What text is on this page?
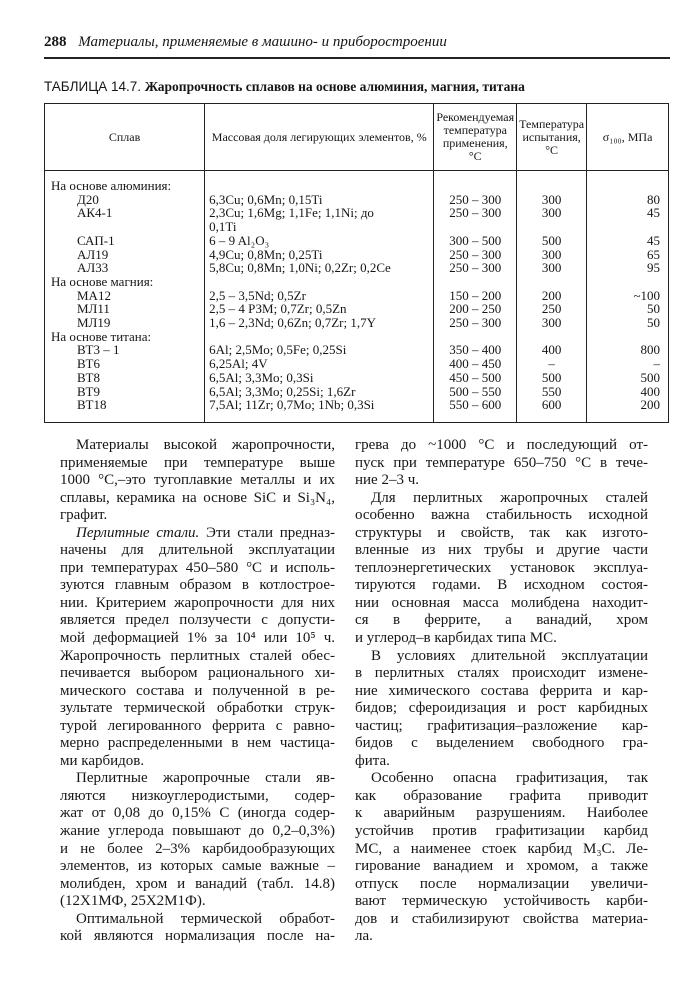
288 Материалы, применяемые в машино- и приборостроении
ТАБЛИЦА 14.7. Жаропрочность сплавов на основе алюминия, магния, титана
Сплав	Массовая доля легирующих элементов, %	Рекомендуемая температура применения, °С	Температура испытания, °С	σ₁₀₀, МПа
На основе алюминия:				
Д20	6,3Cu; 0,6Mn; 0,15Ti	250 – 300	300	80
АК4-1	2,3Cu; 1,6Mg; 1,1Fe; 1,1Ni; до	250 – 300	300	45
	0,1Ti			
САП-1	6 – 9 Al₂O₃	300 – 500	500	45
АЛ19	4,9Cu; 0,8Mn; 0,25Ti	250 – 300	300	65
АЛ33	5,8Cu; 0,8Mn; 1,0Ni; 0,2Zr; 0,2Ce	250 – 300	300	95
На основе магния:				
МА12	2,5 – 3,5Nd; 0,5Zr	150 – 200	200	~100
МЛ11	2,5 – 4 РЗМ; 0,7Zr; 0,5Zn	200 – 250	250	50
МЛ19	1,6 – 2,3Nd; 0,6Zn; 0,7Zr; 1,7Y	250 – 300	300	50
На основе титана:				
ВТ3 – 1	6Al; 2,5Mo; 0,5Fe; 0,25Si	350 – 400	400	800
ВТ6	6,25Al; 4V	400 – 450	–	–
ВТ8	6,5Al; 3,3Mo; 0,3Si	450 – 500	500	500
ВТ9	6,5Al; 3,3Mo; 0,25Si; 1,6Zr	500 – 550	550	400
ВТ18	7,5Al; 11Zr; 0,7Mo; 1Nb; 0,3Si	550 – 600	600	200
Материалы высокой жаропрочности,
применяемые при температуре выше
1000 °C,–это тугоплавкие металлы и их
сплавы, керамика на основе SiC и Si₃N₄,
графит.
Перлитные стали. Эти стали предназ-
начены для длительной эксплуатации
при температурах 450–580 °C и исполь-
зуются главным образом в котлострое-
нии. Критерием жаропрочности для них
является предел ползучести с допусти-
мой деформацией 1% за 10⁴ или 10⁵ ч.
Жаропрочность перлитных сталей обес-
печивается выбором рационального хи-
мического состава и полученной в ре-
зультате термической обработки струк-
турой легированного феррита с равно-
мерно распределенными в нем частица-
ми карбидов.
Перлитные жаропрочные стали яв-
ляются низкоуглеродистыми, содер-
жат от 0,08 до 0,15% C (иногда содер-
жание углерода повышают до 0,2–0,3%)
и не более 2–3% карбидообразующих
элементов, из которых самые важные –
молибден, хром и ванадий (табл. 14.8)
(12Х1МФ, 25Х2М1Ф).
Оптимальной термической обработ-
кой являются нормализация после на-
грева до ~1000 °C и последующий от-
пуск при температуре 650–750 °C в тече-
ние 2–3 ч.
Для перлитных жаропрочных сталей
особенно важна стабильность исходной
структуры и свойств, так как изгото-
вленные из них трубы и другие части
теплоэнергетических установок эксплуа-
тируются годами. В исходном состоя-
нии основная масса молибдена находит-
ся в феррите, а ванадий, хром
и углерод–в карбидах типа МС.
В условиях длительной эксплуатации
в перлитных сталях происходит измене-
ние химического состава феррита и кар-
бидов; сфероидизация и рост карбидных
частиц; графитизация–разложение кар-
бидов с выделением свободного гра-
фита.
Особенно опасна графитизация, так
как образование графита приводит
к аварийным разрушениям. Наиболее
устойчив против графитизации карбид
МС, а наименее стоек карбид М₃С. Ле-
гирование ванадием и хромом, а также
отпуск после нормализации увеличи-
вают термическую устойчивость карби-
дов и стабилизируют свойства материа-
ла.
